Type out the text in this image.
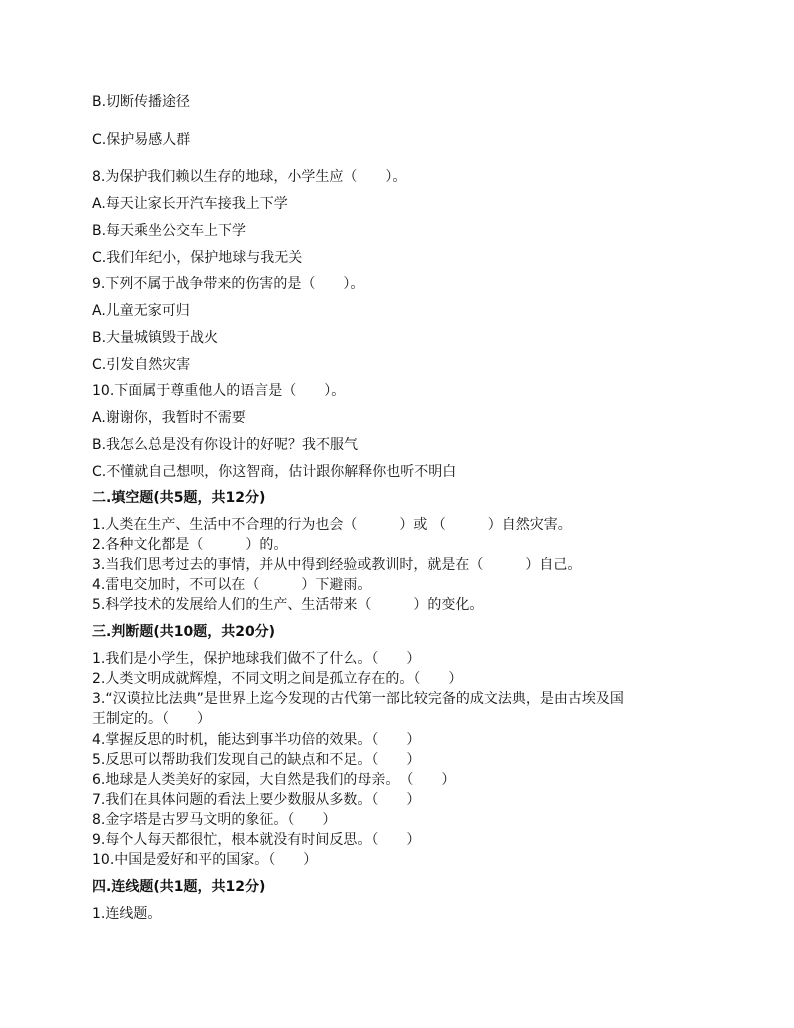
B.切断传播途径
C.保护易感人群
8.为保护我们赖以生存的地球，小学生应（　　）。
A.每天让家长开汽车接我上下学
B.每天乘坐公交车上下学
C.我们年纪小，保护地球与我无关
9.下列不属于战争带来的伤害的是（　　）。
A.儿童无家可归
B.大量城镇毁于战火
C.引发自然灾害
10.下面属于尊重他人的语言是（　　）。
A.谢谢你，我暂时不需要
B.我怎么总是没有你设计的好呢？我不服气
C.不懂就自己想呗，你这智商，估计跟你解释你也听不明白
二.填空题(共5题，共12分)
1.人类在生产、生活中不合理的行为也会（　　　）或 （　　　）自然灾害。
2.各种文化都是（　　　）的。
3.当我们思考过去的事情，并从中得到经验或教训时，就是在（　　　）自己。
4.雷电交加时，不可以在（　　　）下避雨。
5.科学技术的发展给人们的生产、生活带来（　　　）的变化。
三.判断题(共10题，共20分)
1.我们是小学生，保护地球我们做不了什么。（　　）
2.人类文明成就辉煌，不同文明之间是孤立存在的。（　　）
3.“汉谟拉比法典”是世界上迄今发现的古代第一部比较完备的成文法典，是由古埃及国
王制定的。（　　）
4.掌握反思的时机，能达到事半功倍的效果。（　　）
5.反思可以帮助我们发现自己的缺点和不足。（　　）
6.地球是人类美好的家园，大自然是我们的母亲。　（　　）
7.我们在具体问题的看法上要少数服从多数。（　　）
8.金字塔是古罗马文明的象征。（　　）
9.每个人每天都很忙，根本就没有时间反思。（　　）
10.中国是爱好和平的国家。（　　）
四.连线题(共1题，共12分)
1.连线题。
